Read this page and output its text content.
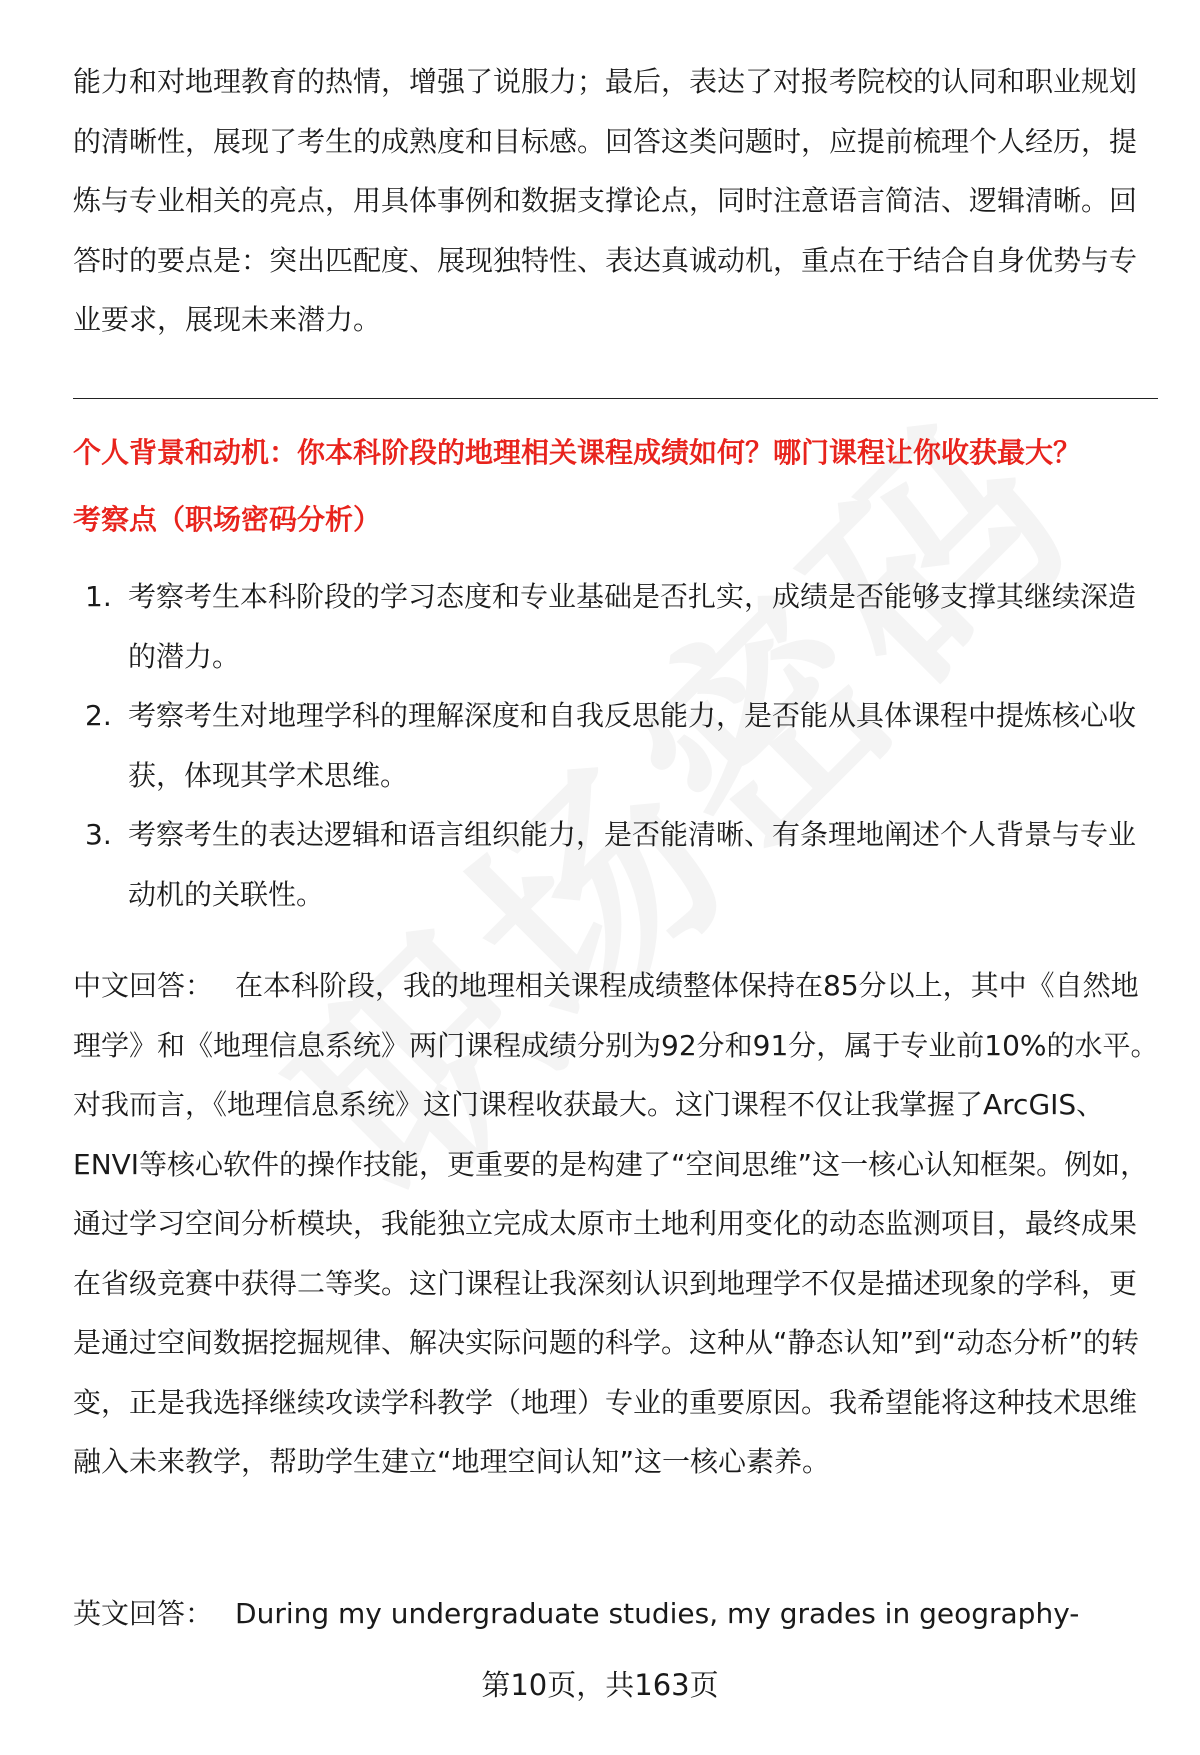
能力和对地理教育的热情，增强了说服力；最后，表达了对报考院校的认同和职业规划的清晰性，展现了考生的成熟度和目标感。回答这类问题时，应提前梳理个人经历，提炼与专业相关的亮点，用具体事例和数据支撑论点，同时注意语言简洁、逻辑清晰。回答时的要点是：突出匹配度、展现独特性、表达真诚动机，重点在于结合自身优势与专业要求，展现未来潜力。

个人背景和动机：你本科阶段的地理相关课程成绩如何？哪门课程让你收获最大？

考察点（职场密码分析）

1. 考察考生本科阶段的学习态度和专业基础是否扎实，成绩是否能够支撑其继续深造的潜力。
2. 考察考生对地理学科的理解深度和自我反思能力，是否能从具体课程中提炼核心收获，体现其学术思维。
3. 考察考生的表达逻辑和语言组织能力，是否能清晰、有条理地阐述个人背景与专业动机的关联性。

中文回答： 在本科阶段，我的地理相关课程成绩整体保持在85分以上，其中《自然地理学》和《地理信息系统》两门课程成绩分别为92分和91分，属于专业前10%的水平。对我而言，《地理信息系统》这门课程收获最大。这门课程不仅让我掌握了ArcGIS、ENVI等核心软件的操作技能，更重要的是构建了“空间思维”这一核心认知框架。例如，通过学习空间分析模块，我能独立完成太原市土地利用变化的动态监测项目，最终成果在省级竞赛中获得二等奖。这门课程让我深刻认识到地理学不仅是描述现象的学科，更是通过空间数据挖掘规律、解决实际问题的科学。这种从“静态认知”到“动态分析”的转变，正是我选择继续攻读学科教学（地理）专业的重要原因。我希望能将这种技术思维融入未来教学，帮助学生建立“地理空间认知”这一核心素养。

英文回答： During my undergraduate studies, my grades in geography-

第10页，共163页
